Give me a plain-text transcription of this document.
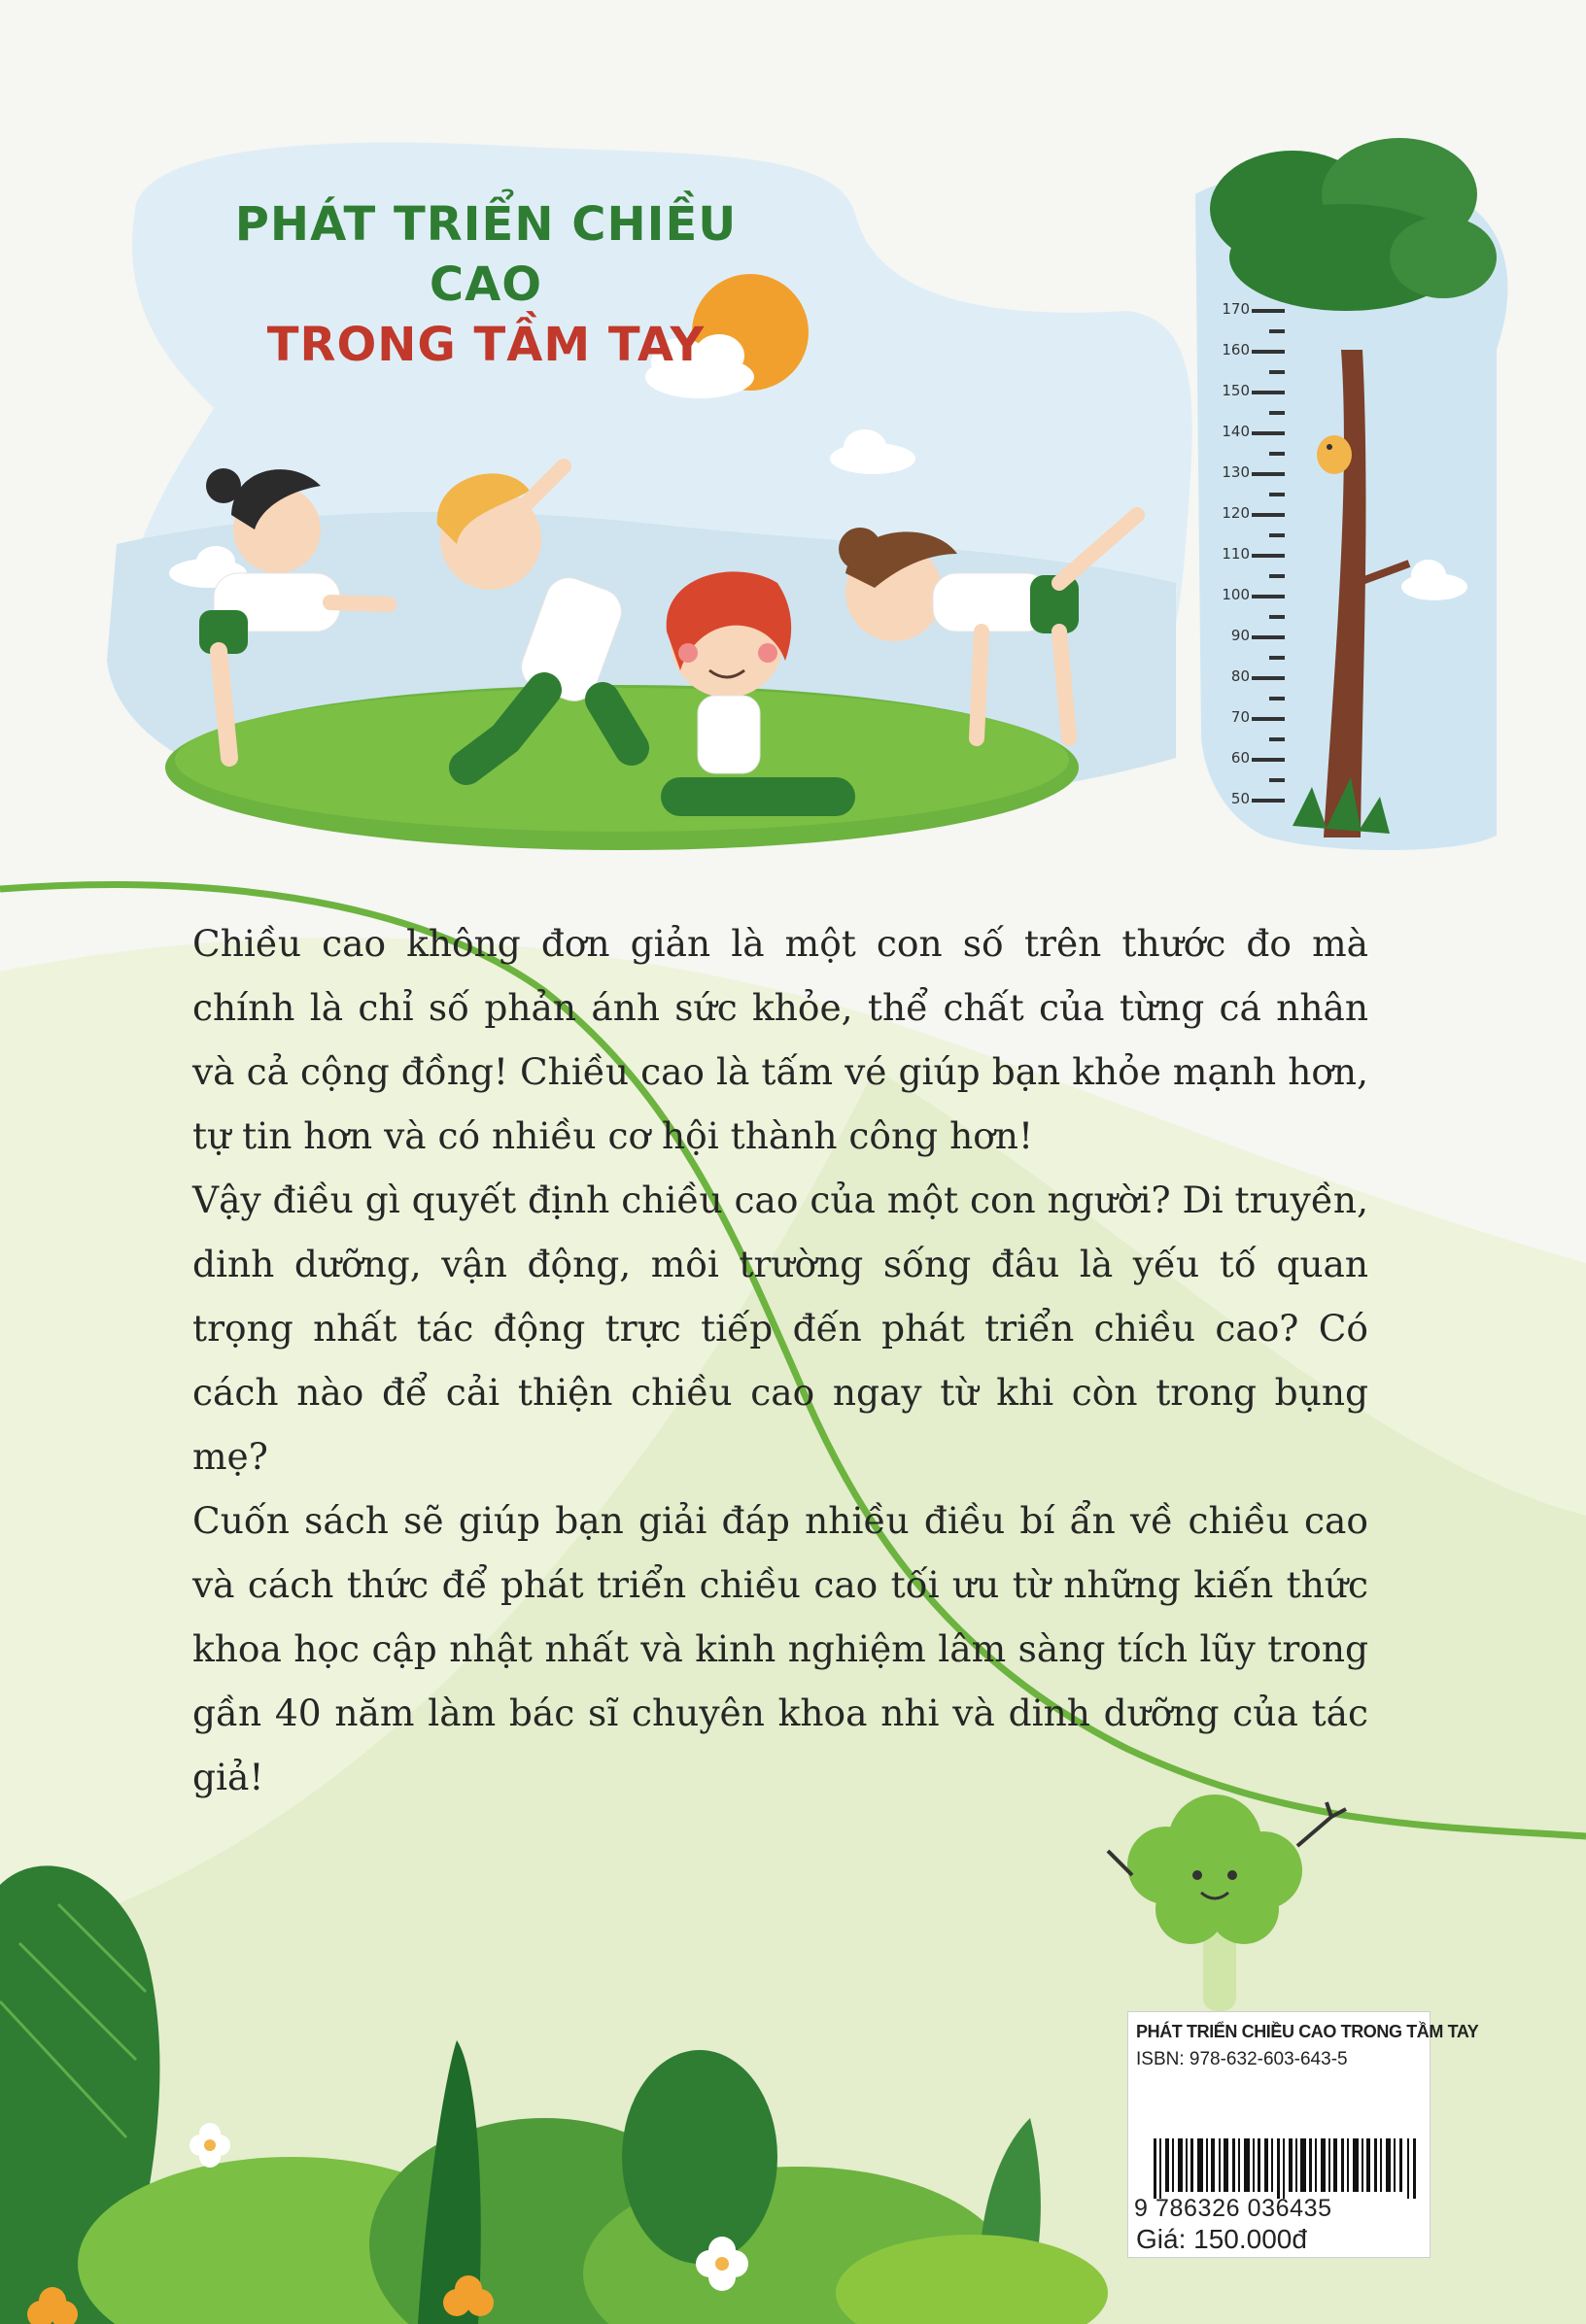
PHÁT TRIỂN CHIỀU CAO
TRONG TẦM TAY
170
160
150
140
130
120
110
100
90
80
70
60
50

Chiều cao không đơn giản là một con số trên thước đo mà chính là chỉ số phản ánh sức khỏe, thể chất của từng cá nhân và cả cộng đồng! Chiều cao là tấm vé giúp bạn khỏe mạnh hơn, tự tin hơn và có nhiều cơ hội thành công hơn!

Vậy điều gì quyết định chiều cao của một con người? Di truyền, dinh dưỡng, vận động, môi trường sống đâu là yếu tố quan trọng nhất tác động trực tiếp đến phát triển chiều cao? Có cách nào để cải thiện chiều cao ngay từ khi còn trong bụng mẹ?

Cuốn sách sẽ giúp bạn giải đáp nhiều điều bí ẩn về chiều cao và cách thức để phát triển chiều cao tối ưu từ những kiến thức khoa học cập nhật nhất và kinh nghiệm lâm sàng tích lũy trong gần 40 năm làm bác sĩ chuyên khoa nhi và dinh dưỡng của tác giả!

PHÁT TRIỂN CHIỀU CAO TRONG TẦM TAY
ISBN: 978-632-603-643-5
9 786326 036435
Giá: 150.000đ
